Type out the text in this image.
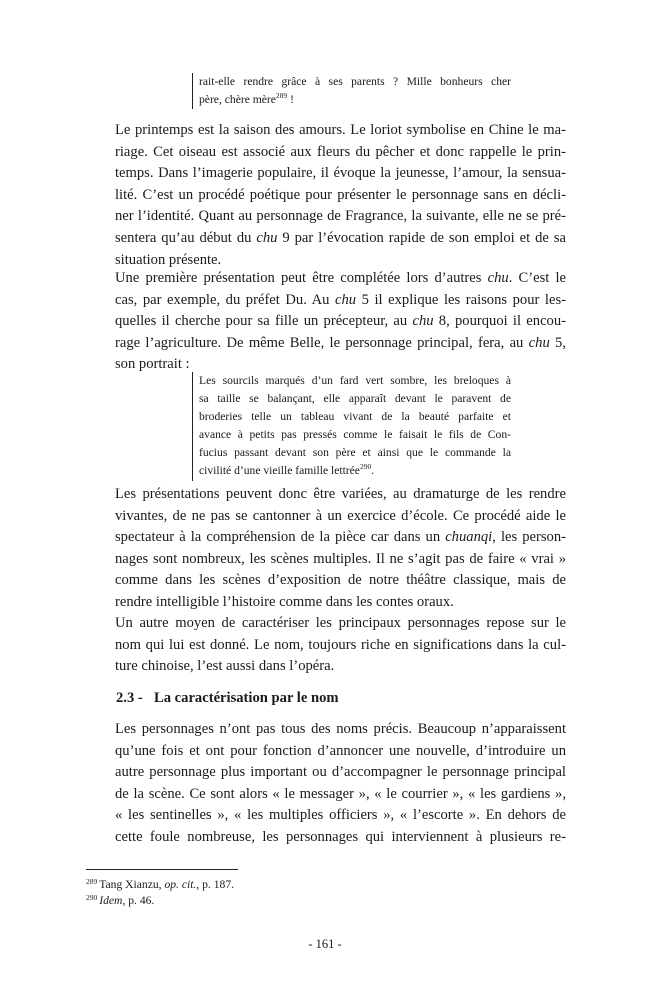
rait-elle rendre grâce à ses parents ? Mille bonheurs cher
père, chère mère$^{289}$ !
Le printemps est la saison des amours. Le loriot symbolise en Chine le ma-
riage. Cet oiseau est associé aux fleurs du pêcher et donc rappelle le prin-
temps. Dans l’imagerie populaire, il évoque la jeunesse, l’amour, la sensua-
lité. C’est un procédé poétique pour présenter le personnage sans en décli-
ner l’identité. Quant au personnage de Fragrance, la suivante, elle ne se pré-
sentera qu’au début du chu 9 par l’évocation rapide de son emploi et de sa
situation présente.
Une première présentation peut être complétée lors d’autres chu. C’est le
cas, par exemple, du préfet Du. Au chu 5 il explique les raisons pour les-
quelles il cherche pour sa fille un précepteur, au chu 8, pourquoi il encou-
rage l’agriculture. De même Belle, le personnage principal, fera, au chu 5,
son portrait :
Les sourcils marqués d’un fard vert sombre, les breloques à
sa taille se balançant, elle apparaît devant le paravent de
broderies telle un tableau vivant de la beauté parfaite et
avance à petits pas pressés comme le faisait le fils de Con-
fucius passant devant son père et ainsi que le commande la
civilité d’une vieille famille lettrée$^{290}$.
Les présentations peuvent donc être variées, au dramaturge de les rendre
vivantes, de ne pas se cantonner à un exercice d’école. Ce procédé aide le
spectateur à la compréhension de la pièce car dans un chuanqi, les person-
nages sont nombreux, les scènes multiples. Il ne s’agit pas de faire « vrai »
comme dans les scènes d’exposition de notre théâtre classique, mais de
rendre intelligible l’histoire comme dans les contes oraux.
Un autre moyen de caractériser les principaux personnages repose sur le
nom qui lui est donné. Le nom, toujours riche en significations dans la cul-
ture chinoise, l’est aussi dans l’opéra.
2.3 - La caractérisation par le nom
Les personnages n’ont pas tous des noms précis. Beaucoup n’apparaissent
qu’une fois et ont pour fonction d’annoncer une nouvelle, d’introduire un
autre personnage plus important ou d’accompagner le personnage principal
de la scène. Ce sont alors « le messager », « le courrier », « les gardiens »,
« les sentinelles », « les multiples officiers », « l’escorte ». En dehors de
cette foule nombreuse, les personnages qui interviennent à plusieurs re-
$^{289}$ Tang Xianzu, op. cit., p. 187.
$^{290}$ Idem, p. 46.
- 161 -
